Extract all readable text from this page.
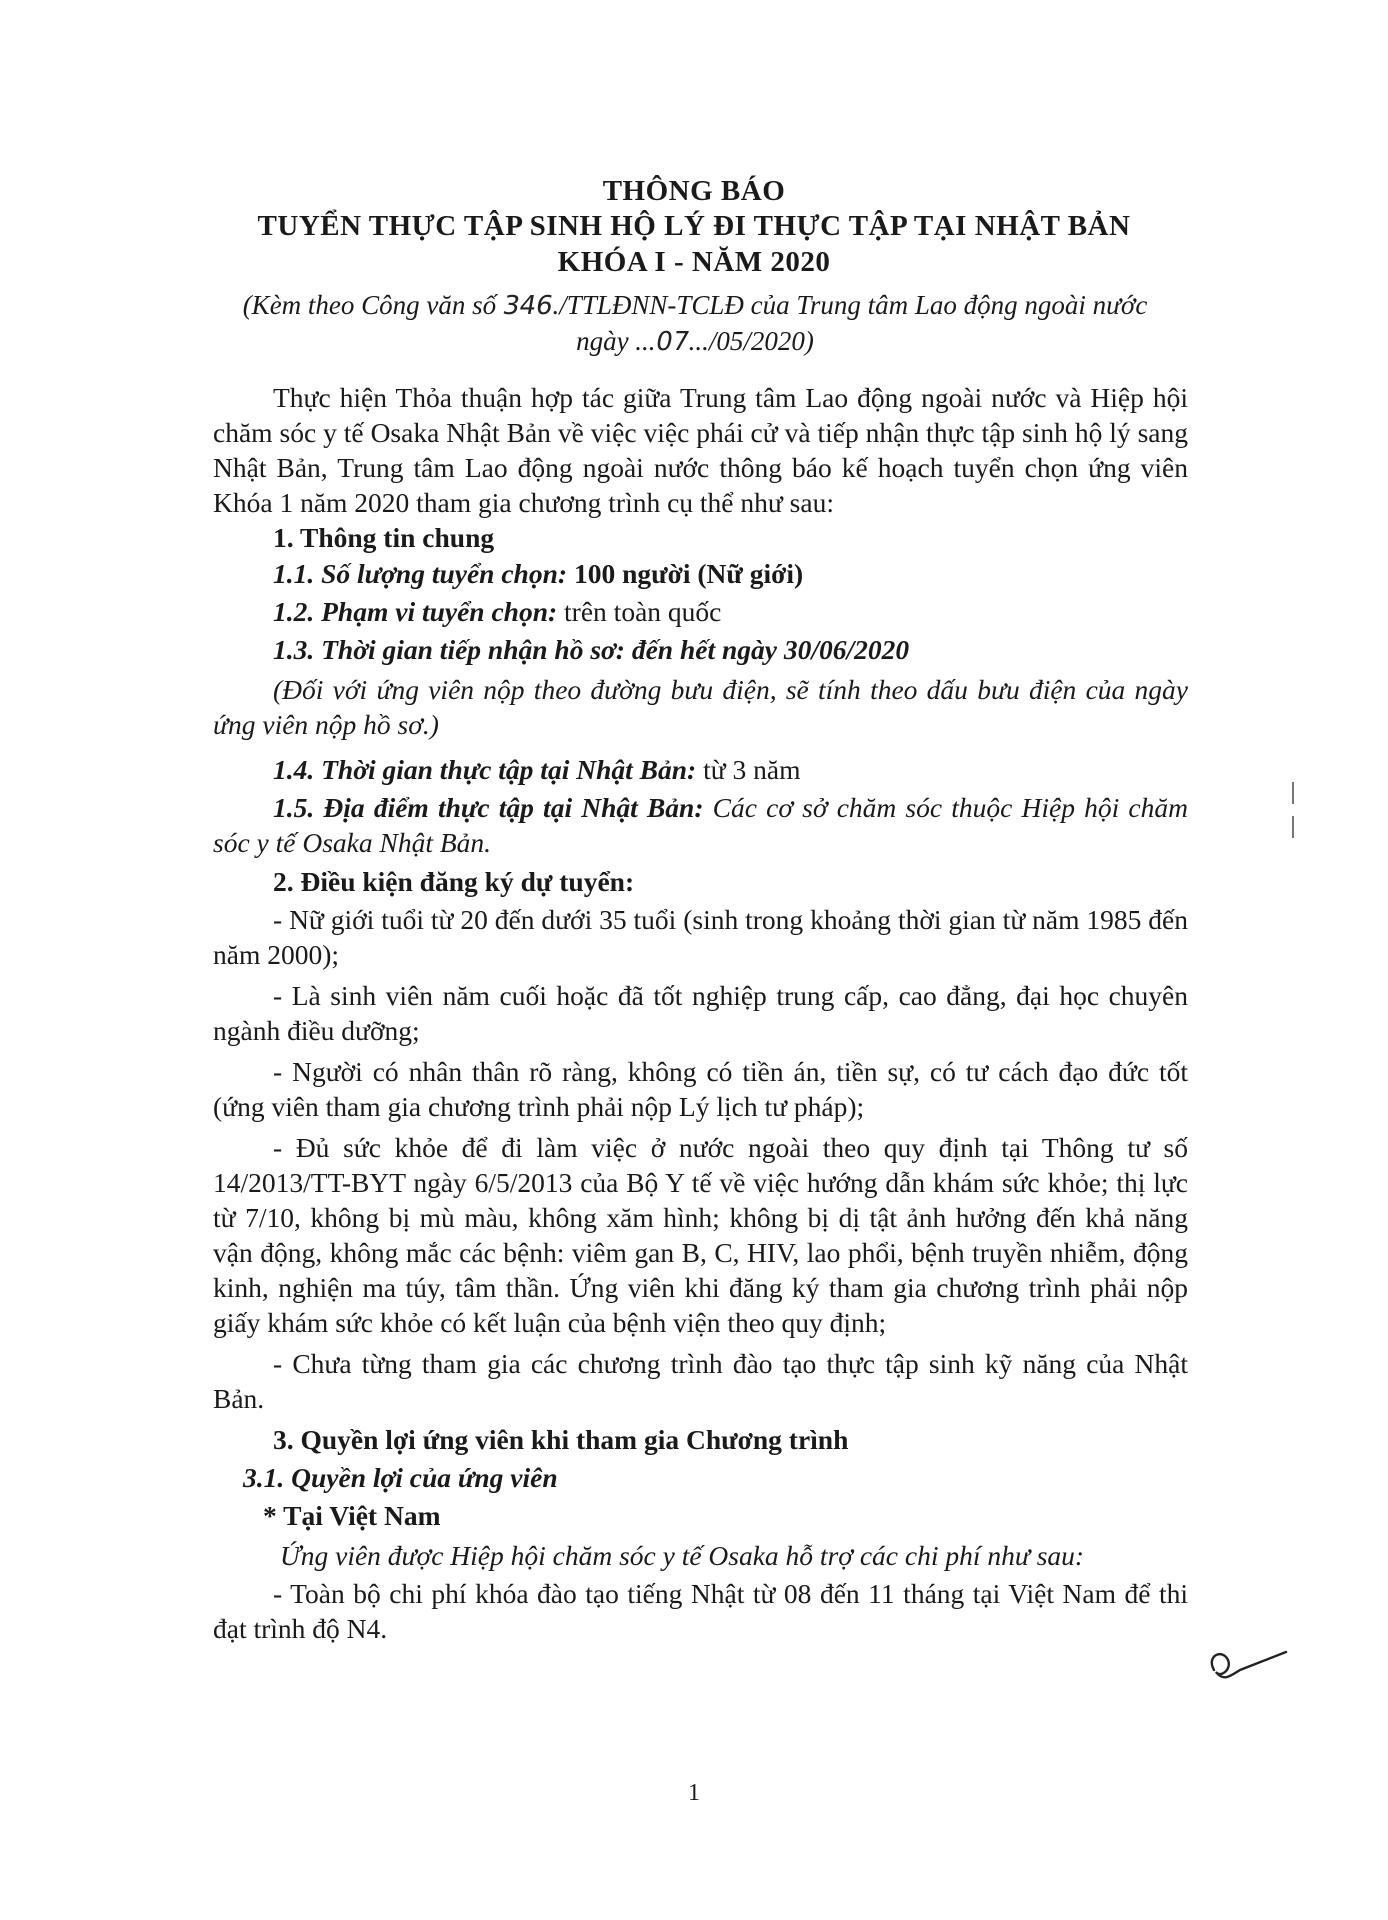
THÔNG BÁO
TUYỂN THỰC TẬP SINH HỘ LÝ ĐI THỰC TẬP TẠI NHẬT BẢN
KHÓA I - NĂM 2020
(Kèm theo Công văn số 346./TTLĐNN-TCLĐ của Trung tâm Lao động ngoài nước
ngày ...07.../05/2020)
Thực hiện Thỏa thuận hợp tác giữa Trung tâm Lao động ngoài nước và Hiệp hội chăm sóc y tế Osaka Nhật Bản về việc việc phái cử và tiếp nhận thực tập sinh hộ lý sang Nhật Bản, Trung tâm Lao động ngoài nước thông báo kế hoạch tuyển chọn ứng viên Khóa 1 năm 2020 tham gia chương trình cụ thể như sau:
1. Thông tin chung
1.1. Số lượng tuyển chọn: 100 người (Nữ giới)
1.2. Phạm vi tuyển chọn: trên toàn quốc
1.3. Thời gian tiếp nhận hồ sơ: đến hết ngày 30/06/2020
(Đối với ứng viên nộp theo đường bưu điện, sẽ tính theo dấu bưu điện của ngày ứng viên nộp hồ sơ.)
1.4. Thời gian thực tập tại Nhật Bản: từ 3 năm
1.5. Địa điểm thực tập tại Nhật Bản: Các cơ sở chăm sóc thuộc Hiệp hội chăm sóc y tế Osaka Nhật Bản.
2. Điều kiện đăng ký dự tuyển:
- Nữ giới tuổi từ 20 đến dưới 35 tuổi (sinh trong khoảng thời gian từ năm 1985 đến năm 2000);
- Là sinh viên năm cuối hoặc đã tốt nghiệp trung cấp, cao đẳng, đại học chuyên ngành điều dưỡng;
- Người có nhân thân rõ ràng, không có tiền án, tiền sự, có tư cách đạo đức tốt (ứng viên tham gia chương trình phải nộp Lý lịch tư pháp);
- Đủ sức khỏe để đi làm việc ở nước ngoài theo quy định tại Thông tư số 14/2013/TT-BYT ngày 6/5/2013 của Bộ Y tế về việc hướng dẫn khám sức khỏe; thị lực từ 7/10, không bị mù màu, không xăm hình; không bị dị tật ảnh hưởng đến khả năng vận động, không mắc các bệnh: viêm gan B, C, HIV, lao phổi, bệnh truyền nhiễm, động kinh, nghiện ma túy, tâm thần. Ứng viên khi đăng ký tham gia chương trình phải nộp giấy khám sức khỏe có kết luận của bệnh viện theo quy định;
- Chưa từng tham gia các chương trình đào tạo thực tập sinh kỹ năng của Nhật Bản.
3. Quyền lợi ứng viên khi tham gia Chương trình
3.1. Quyền lợi của ứng viên
* Tại Việt Nam
Ứng viên được Hiệp hội chăm sóc y tế Osaka hỗ trợ các chi phí như sau:
- Toàn bộ chi phí khóa đào tạo tiếng Nhật từ 08 đến 11 tháng tại Việt Nam để thi đạt trình độ N4.
1
